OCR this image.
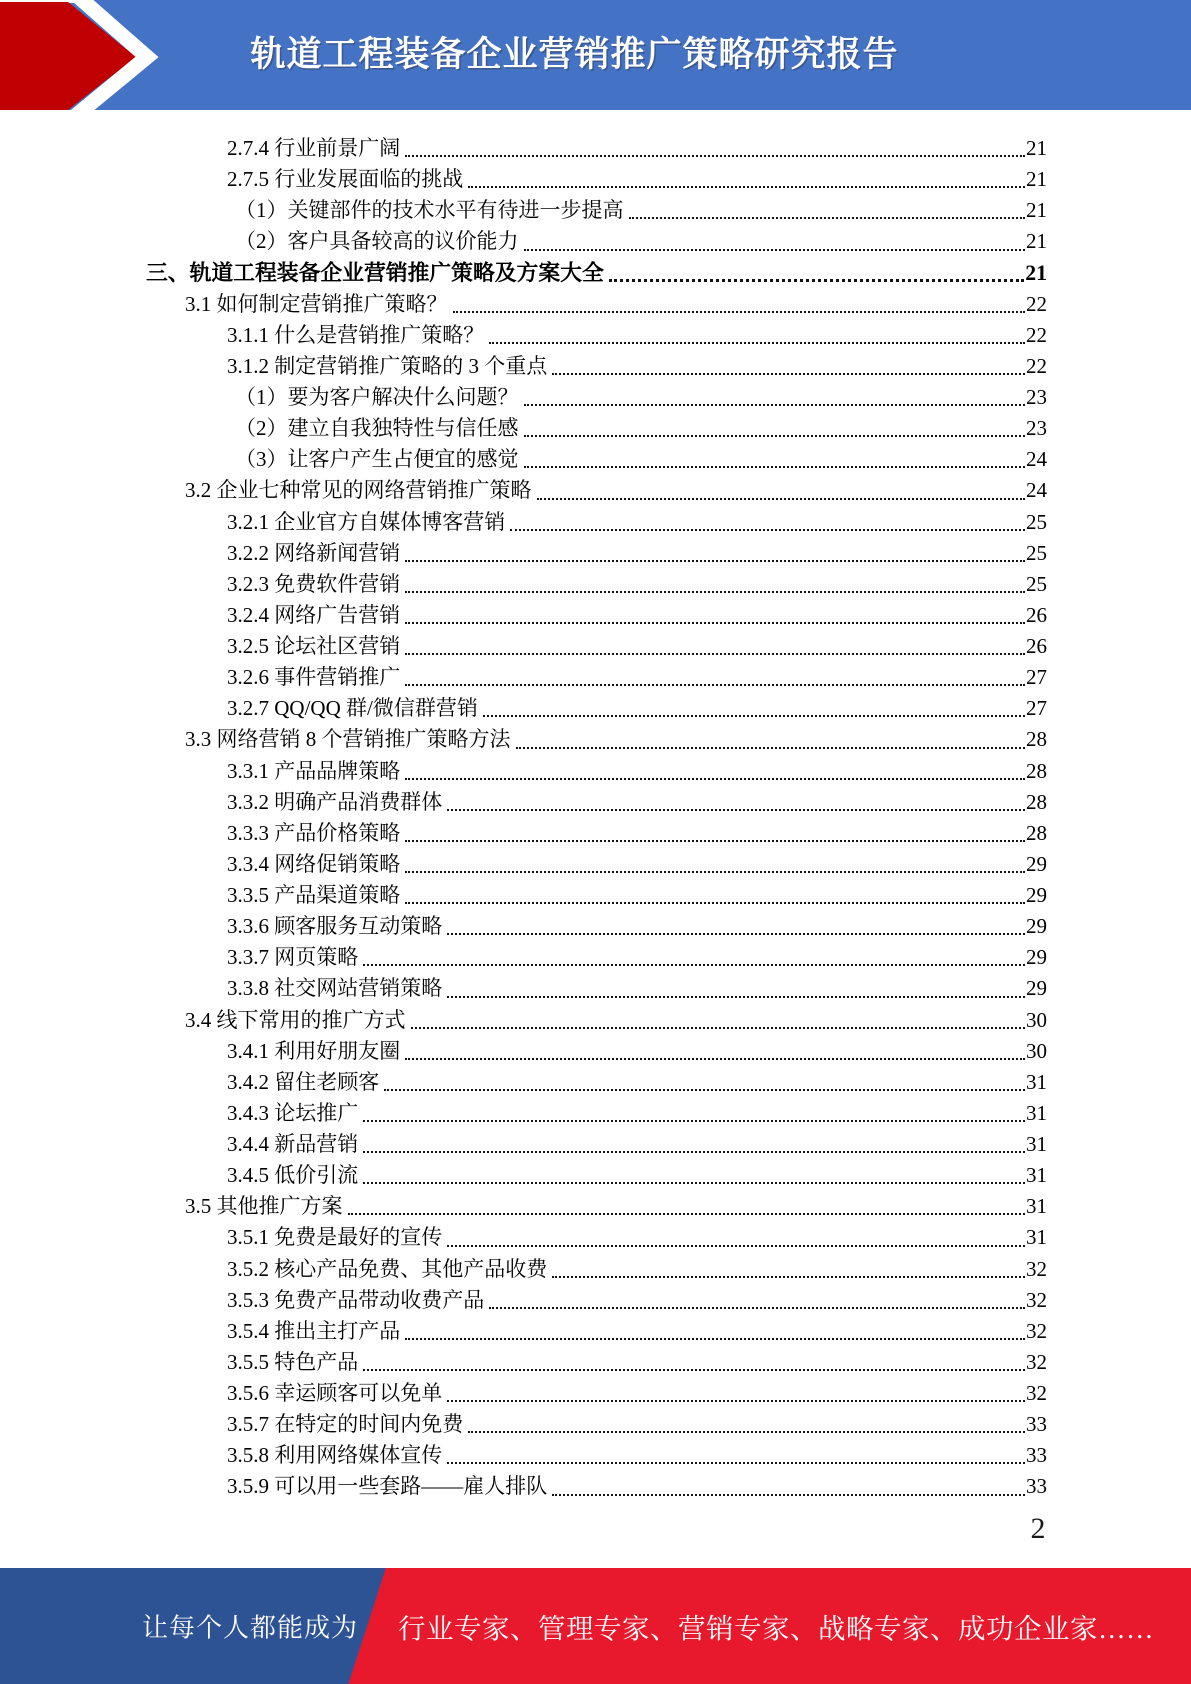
轨道工程装备企业营销推广策略研究报告
2.7.4 行业前景广阔	21
2.7.5 行业发展面临的挑战	21
（1）关键部件的技术水平有待进一步提高	21
（2）客户具备较高的议价能力	21
三、轨道工程装备企业营销推广策略及方案大全	21
3.1 如何制定营销推广策略？	22
3.1.1 什么是营销推广策略？	22
3.1.2 制定营销推广策略的 3 个重点	22
（1）要为客户解决什么问题？	23
（2）建立自我独特性与信任感	23
（3）让客户产生占便宜的感觉	24
3.2 企业七种常见的网络营销推广策略	24
3.2.1 企业官方自媒体博客营销	25
3.2.2 网络新闻营销	25
3.2.3 免费软件营销	25
3.2.4 网络广告营销	26
3.2.5 论坛社区营销	26
3.2.6 事件营销推广	27
3.2.7 QQ/QQ 群/微信群营销	27
3.3 网络营销 8 个营销推广策略方法	28
3.3.1 产品品牌策略	28
3.3.2 明确产品消费群体	28
3.3.3 产品价格策略	28
3.3.4 网络促销策略	29
3.3.5 产品渠道策略	29
3.3.6 顾客服务互动策略	29
3.3.7 网页策略	29
3.3.8 社交网站营销策略	29
3.4 线下常用的推广方式	30
3.4.1 利用好朋友圈	30
3.4.2 留住老顾客	31
3.4.3 论坛推广	31
3.4.4 新品营销	31
3.4.5 低价引流	31
3.5 其他推广方案	31
3.5.1 免费是最好的宣传	31
3.5.2 核心产品免费、其他产品收费	32
3.5.3 免费产品带动收费产品	32
3.5.4 推出主打产品	32
3.5.5 特色产品	32
3.5.6 幸运顾客可以免单	32
3.5.7 在特定的时间内免费	33
3.5.8 利用网络媒体宣传	33
3.5.9 可以用一些套路——雇人排队	33
2
让每个人都能成为 行业专家、管理专家、营销专家、战略专家、成功企业家……
